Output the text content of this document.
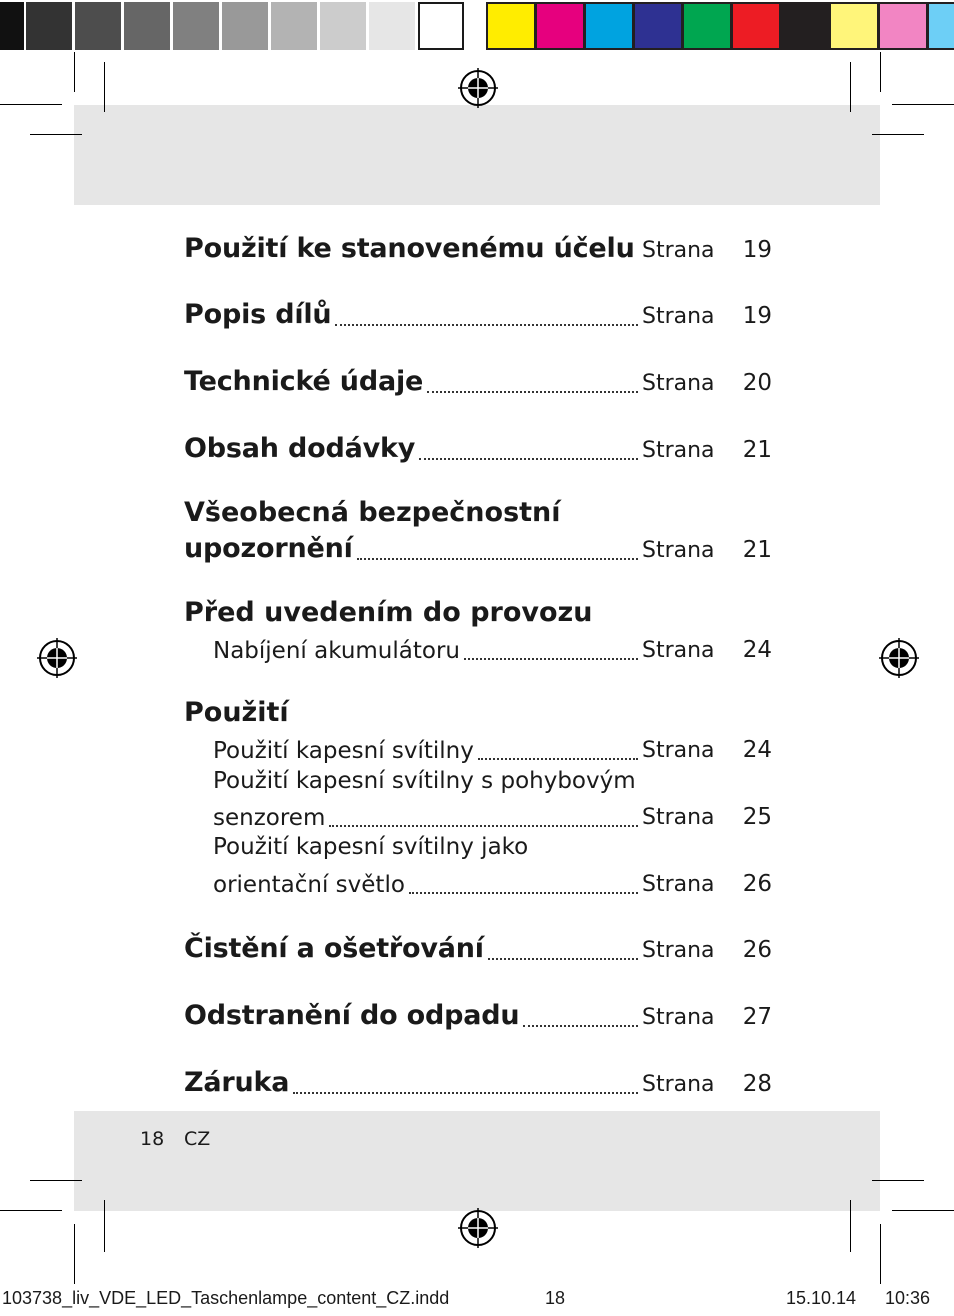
Použití ke stanovenému účelu Strana 19
Popis dílů	Strana 19
Technické údaje	Strana 20
Obsah dodávky	Strana 21
Všeobecná bezpečnostní
upozornění	Strana 21
Před uvedením do provozu
Nabíjení akumulátoru	Strana 24
Použití
Použití kapesní svítilny	Strana 24
Použití kapesní svítilny s pohybovým
senzorem	Strana 25
Použití kapesní svítilny jako
orientační světlo	Strana 26
Čistění a ošetřování	Strana 26
Odstranění do odpadu	Strana 27
Záruka	Strana 28
18 CZ
103738_liv_VDE_LED_Taschenlampe_content_CZ.indd	18	15.10.14 10:36
